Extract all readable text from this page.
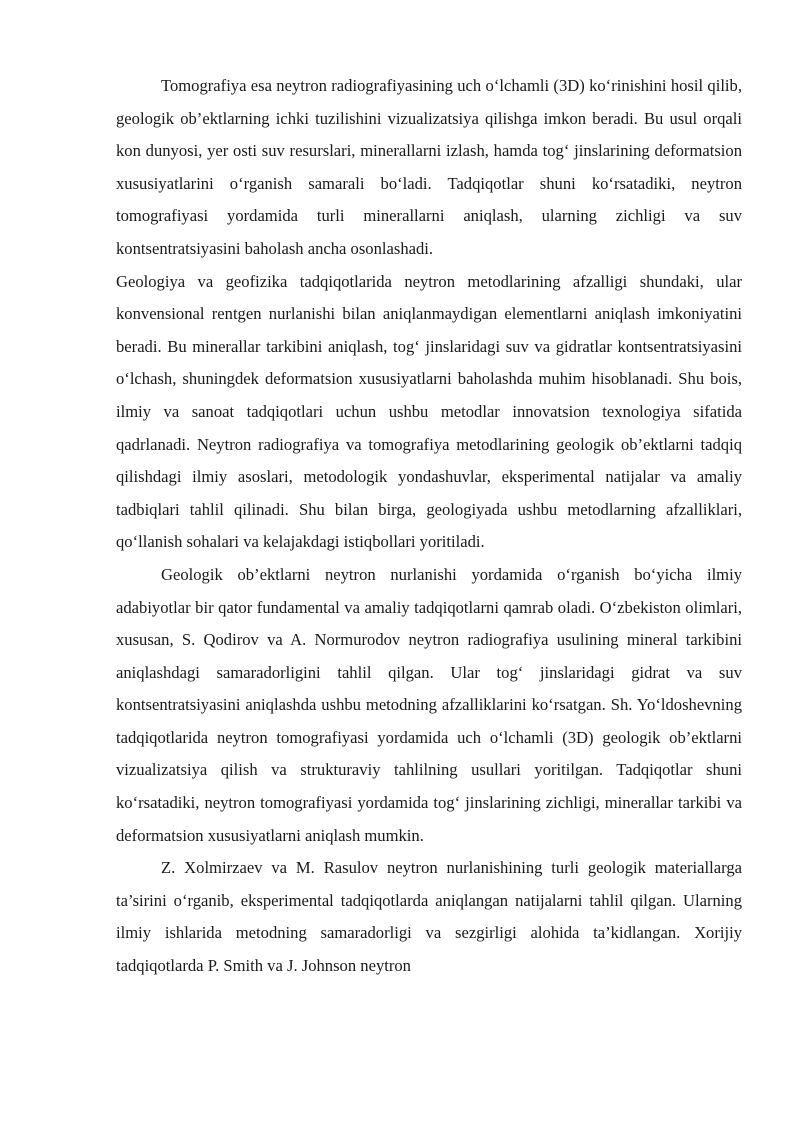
Tomografiya esa neytron radiografiyasining uch o‘lchamli (3D) ko‘rinishini hosil qilib, geologik ob’ektlarning ichki tuzilishini vizualizatsiya qilishga imkon beradi. Bu usul orqali kon dunyosi, yer osti suv resurslari, minerallarni izlash, hamda tog‘ jinslarining deformatsion xususiyatlarini o‘rganish samarali bo‘ladi. Tadqiqotlar shuni ko‘rsatadiki, neytron tomografiyasi yordamida turli minerallarni aniqlash, ularning zichligi va suv kontsentratsiyasini baholash ancha osonlashadi.

Geologiya va geofizika tadqiqotlarida neytron metodlarining afzalligi shundaki, ular konvensional rentgen nurlanishi bilan aniqlanmaydigan elementlarni aniqlash imkoniyatini beradi. Bu minerallar tarkibini aniqlash, tog‘ jinslaridagi suv va gidratlar kontsentratsiyasini o‘lchash, shuningdek deformatsion xususiyatlarni baholashda muhim hisoblanadi. Shu bois, ilmiy va sanoat tadqiqotlari uchun ushbu metodlar innovatsion texnologiya sifatida qadrlanadi. Neytron radiografiya va tomografiya metodlarining geologik ob’ektlarni tadqiq qilishdagi ilmiy asoslari, metodologik yondashuvlar, eksperimental natijalar va amaliy tadbiqlari tahlil qilinadi. Shu bilan birga, geologiyada ushbu metodlarning afzalliklari, qo‘llanish sohalari va kelajakdagi istiqbollari yoritiladi.

Geologik ob’ektlarni neytron nurlanishi yordamida o‘rganish bo‘yicha ilmiy adabiyotlar bir qator fundamental va amaliy tadqiqotlarni qamrab oladi. O‘zbekiston olimlari, xususan, S. Qodirov va A. Normurodov neytron radiografiya usulining mineral tarkibini aniqlashdagi samaradorligini tahlil qilgan. Ular tog‘ jinslaridagi gidrat va suv kontsentratsiyasini aniqlashda ushbu metodning afzalliklarini ko‘rsatgan. Sh. Yo‘ldoshevning tadqiqotlarida neytron tomografiyasi yordamida uch o‘lchamli (3D) geologik ob’ektlarni vizualizatsiya qilish va strukturaviy tahlilning usullari yoritilgan. Tadqiqotlar shuni ko‘rsatadiki, neytron tomografiyasi yordamida tog‘ jinslarining zichligi, minerallar tarkibi va deformatsion xususiyatlarni aniqlash mumkin.

Z. Xolmirzaev va M. Rasulov neytron nurlanishining turli geologik materiallarga ta’sirini o‘rganib, eksperimental tadqiqotlarda aniqlangan natijalarni tahlil qilgan. Ularning ilmiy ishlarida metodning samaradorligi va sezgirligi alohida ta’kidlangan. Xorijiy tadqiqotlarda P. Smith va J. Johnson neytron
